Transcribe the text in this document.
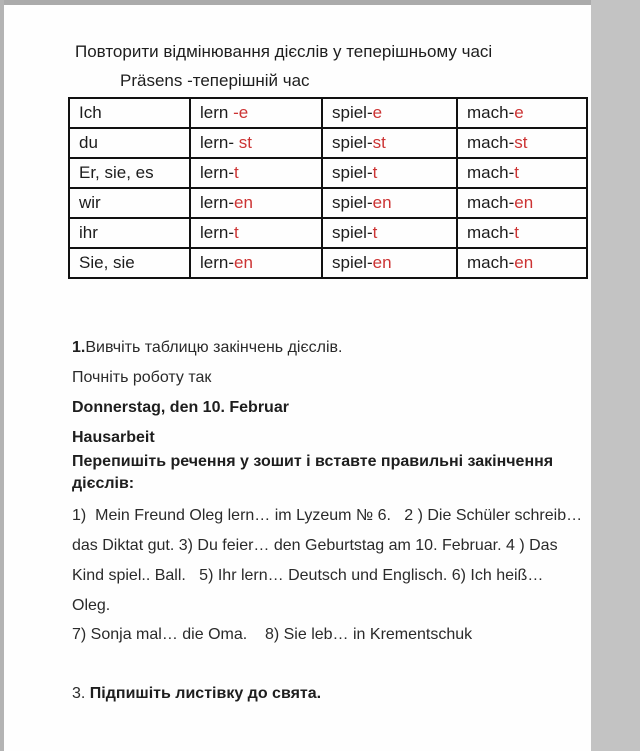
Повторити відмінювання дієслів у теперішньому часі
Präsens -теперішній час
Ich	lern -e	spiel-e	mach-e
du	lern- st	spiel-st	mach-st
Er, sie, es	lern-t	spiel-t	mach-t
wir	lern-en	spiel-en	mach-en
ihr	lern-t	spiel-t	mach-t
Sie, sie	lern-en	spiel-en	mach-en
1.Вивчіть таблицю закінчень дієслів.
Почніть роботу так
Donnerstag, den 10. Februar
Hausarbeit
Перепишіть речення у зошит і вставте правильні закінчення
дієслів:
1)  Mein Freund Oleg lern… im Lyzeum № 6.   2 ) Die Schüler schreib…
das Diktat gut. 3) Du feier… den Geburtstag am 10. Februar. 4 ) Das
Kind spiel.. Ball.   5) Ihr lern… Deutsch und Englisch. 6) Ich heiß…
Oleg.
7) Sonja mal… die Oma.    8) Sie leb… in Krementschuk
3. Підпишіть листівку до свята.
